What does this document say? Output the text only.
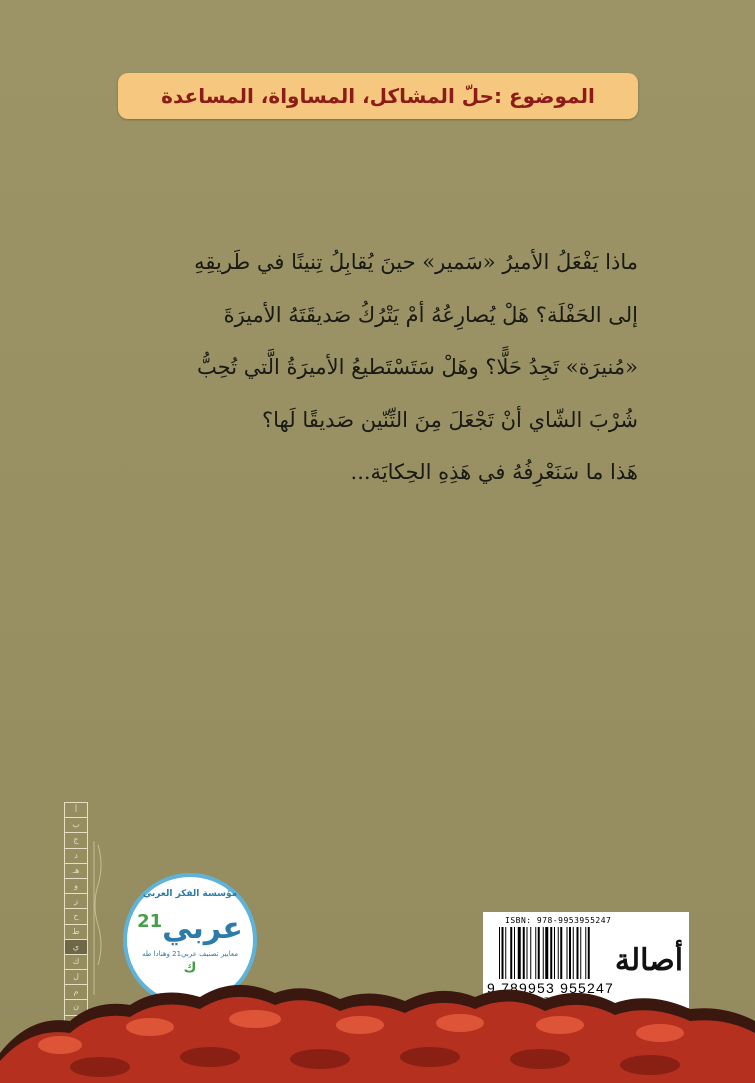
الموضوع :حلّ المشاكل، المساواة، المساعدة

ماذا يَفْعَلُ الأميرُ «سَمير» حينَ يُقابِلُ تِنينًا في طَريقِهِ

إلى الحَفْلَة؟ هَلْ يُصارِعُهُ أمْ يَتْرُكُ صَديقَتَهُ الأميرَةَ

«مُنيرَة» تَجِدُ حَلًّا؟ وهَلْ سَتَسْتَطيعُ الأميرَةُ الَّتي تُحِبُّ

شُرْبَ الشّاي أنْ تَجْعَلَ مِنَ التِّنّين صَديقًا لَها؟

هَذا ما سَنَعْرِفُهُ في هَذِهِ الحِكايَة...

أ
ب
ج
د
هـ
و
ز
ح
ط
ي
ك
ل
م
ن
مؤسسة الفكر العربي
عربي$^{21}$
معايير تصنيف عربي21 وهنادا طه
ك
ISBN: 978-9953955247
9 789953 955247
أصالة
